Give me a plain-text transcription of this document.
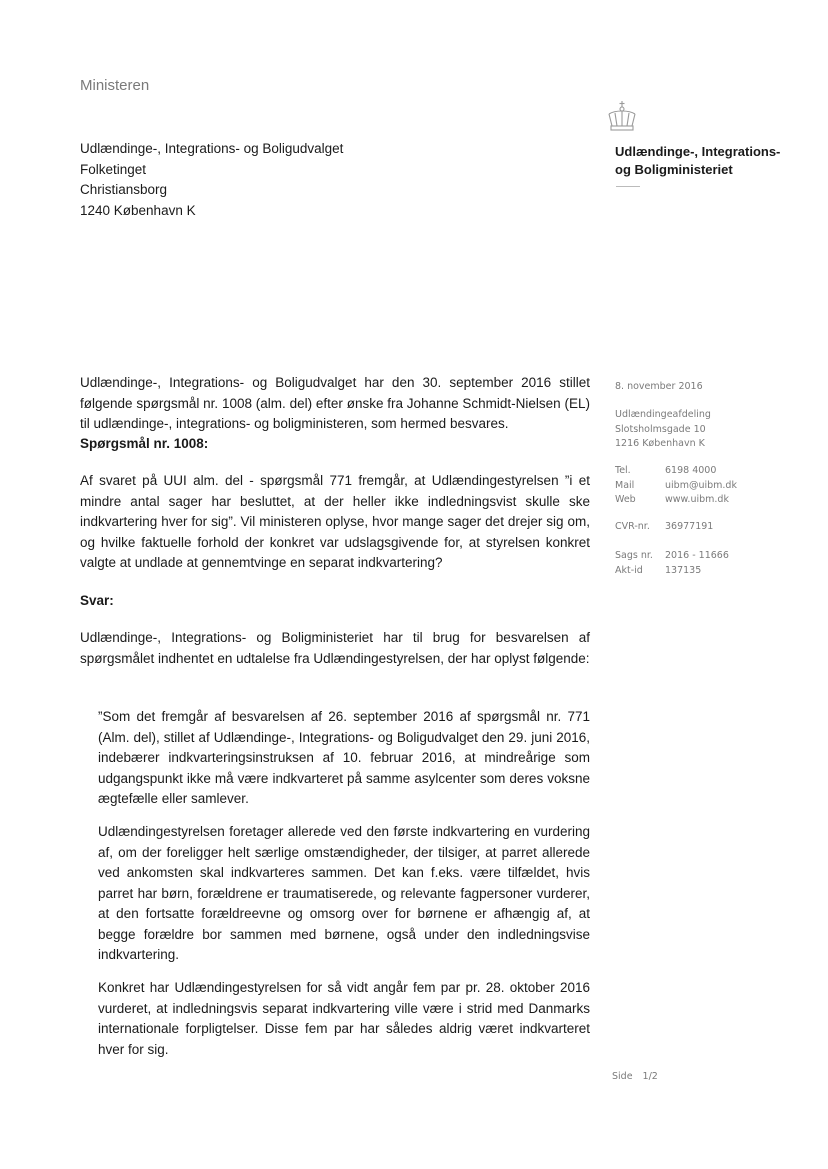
Ministeren
Udlændinge-, Integrations- og Boligudvalget
Folketinget
Christiansborg
1240 København K
Udlændinge-, Integrations-
og Boligministeriet
8. november 2016
Udlændingeafdeling
Slotsholmsgade 10
1216 København K
Tel.	6198 4000
Mail	uibm@uibm.dk
Web	www.uibm.dk
CVR-nr. 36977191
Sags nr. 2016 - 11666
Akt-id 137135
Udlændinge-, Integrations- og Boligudvalget har den 30. september 2016 stillet følgende spørgsmål nr. 1008 (alm. del) efter ønske fra Johanne Schmidt-Nielsen (EL) til udlændinge-, integrations- og boligministeren, som hermed besvares.
Spørgsmål nr. 1008:
Af svaret på UUI alm. del - spørgsmål 771 fremgår, at Udlændingestyrelsen ”i et mindre antal sager har besluttet, at der heller ikke indledningsvist skulle ske indkvartering hver for sig”. Vil ministeren oplyse, hvor mange sager det drejer sig om, og hvilke faktuelle forhold der konkret var udslagsgivende for, at styrelsen konkret valgte at undlade at gennemtvinge en separat indkvartering?
Svar:
Udlændinge-, Integrations- og Boligministeriet har til brug for besvarelsen af spørgsmålet indhentet en udtalelse fra Udlændingestyrelsen, der har oplyst følgende:
”Som det fremgår af besvarelsen af 26. september 2016 af spørgsmål nr. 771 (Alm. del), stillet af Udlændinge-, Integrations- og Boligudvalget den 29. juni 2016, indebærer indkvarteringsinstruksen af 10. februar 2016, at mindreårige som udgangspunkt ikke må være indkvarteret på samme asylcenter som deres voksne ægtefælle eller samlever.
Udlændingestyrelsen foretager allerede ved den første indkvartering en vurdering af, om der foreligger helt særlige omstændigheder, der tilsiger, at parret allerede ved ankomsten skal indkvarteres sammen. Det kan f.eks. være tilfældet, hvis parret har børn, forældrene er traumatiserede, og relevante fagpersoner vurderer, at den fortsatte forældreevne og omsorg over for børnene er afhængig af, at begge forældre bor sammen med børnene, også under den indledningsvise indkvartering.
Konkret har Udlændingestyrelsen for så vidt angår fem par pr. 28. oktober 2016 vurderet, at indledningsvis separat indkvartering ville være i strid med Danmarks internationale forpligtelser. Disse fem par har således aldrig været indkvarteret hver for sig.
Side 1/2
